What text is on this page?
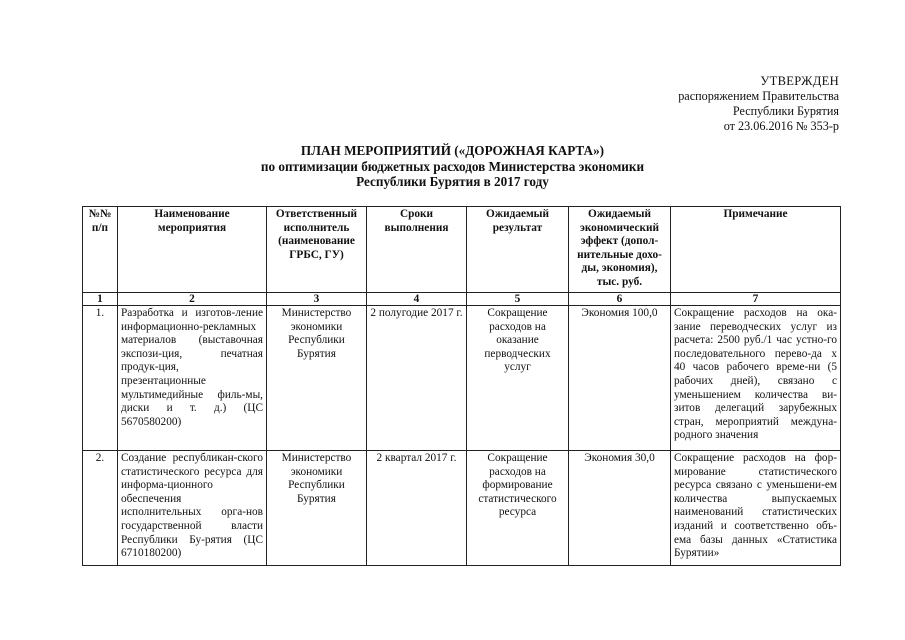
УТВЕРЖДЕН
распоряжением Правительства
Республики Бурятия
от 23.06.2016 № 353-р
ПЛАН МЕРОПРИЯТИЙ («ДОРОЖНАЯ КАРТА»)
по оптимизации бюджетных расходов Министерства экономики
Республики Бурятия в 2017 году
№№ п/п	Наименование мероприятия	Ответственный исполнитель (наименование ГРБС, ГУ)	Сроки выполнения	Ожидаемый результат	Ожидаемый экономический эффект (допол-нительные дохо-ды, экономия), тыс. руб.	Примечание
1	2	3	4	5	6	7
1.	Разработка и изготов-ление информационно-рекламных материалов (выставочная экспози-ция, печатная продук-ция, презентационные мультимедийные филь-мы, диски и т. д.) (ЦС 5670580200)	Министерство экономики Республики Бурятия	2 полугодие 2017 г.	Сокращение расходов на оказание перводческих услуг	Экономия 100,0	Сокращение расходов на ока-зание переводческих услуг из расчета: 2500 руб./1 час устно-го последовательного перево-да х 40 часов рабочего време-ни (5 рабочих дней), связано с уменьшением количества ви-зитов делегаций зарубежных стран, мероприятий междуна-родного значения
2.	Создание республикан-ского статистического ресурса для информа-ционного обеспечения исполнительных орга-нов государственной власти Республики Бу-рятия (ЦС 6710180200)	Министерство экономики Республики Бурятия	2 квартал 2017 г.	Сокращение расходов на формирование статистического ресурса	Экономия 30,0	Сокращение расходов на фор-мирование статистического ресурса связано с уменьшени-ем количества выпускаемых наименований статистических изданий и соответственно объ-ема базы данных «Статистика Бурятии»
